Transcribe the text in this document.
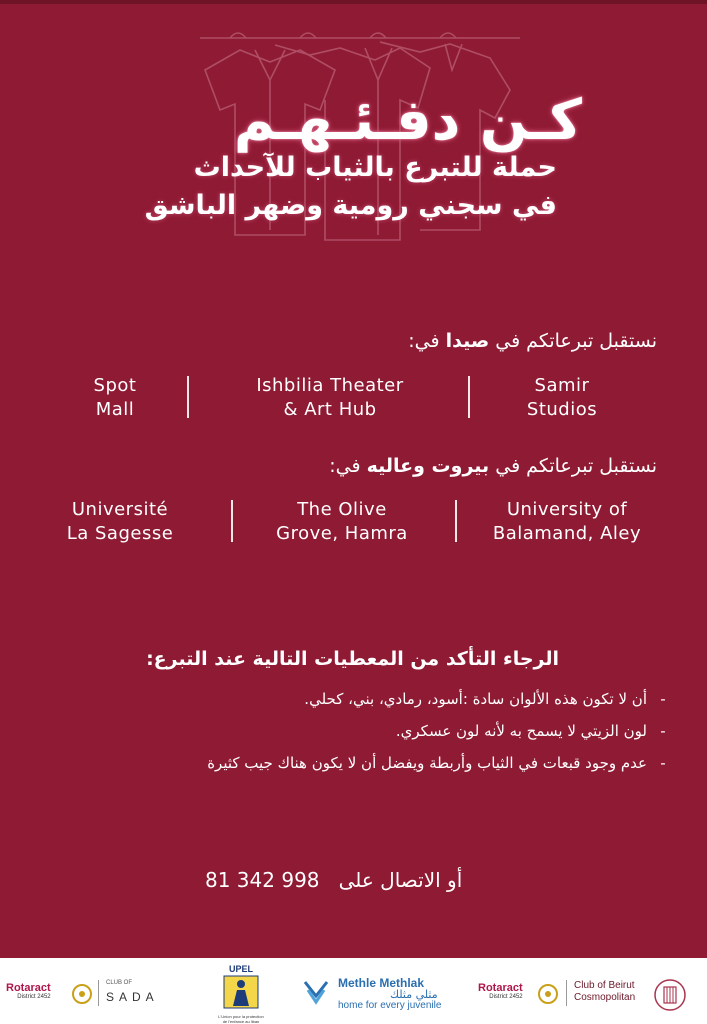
كـن دفـئـهـم
حملة للتبرع بالثياب للآحداث
في سجني رومية وضهر الباشق
نستقبل تبرعاتكم في صيدا في:
Spot
Mall
Ishbilia Theater
& Art Hub
Samir
Studios
نستقبل تبرعاتكم في بيروت وعاليه في:
Université
La Sagesse
The Olive
Grove, Hamra
University of
Balamand, Aley
الرجاء التأكد من المعطيات التالية عند التبرع:
-أن لا تكون هذه الألوان سادة :أسود، رمادي، بني، كحلي.
-لون الزيتي لا يسمح به لأنه لون عسكري.
-عدم وجود قبعات في الثياب وأربطة ويفضل أن لا يكون هناك جيب كثيرة
أو الاتصال على   81 342 998
Rotaract
District 2452
CLUB OF
SADA
UPEL
L'Union pour la protection de l'enfance au liban
Methle Methlak
مثلي مثلك
home for every juvenile
Rotaract
District 2452
Club of Beirut
Cosmopolitan
